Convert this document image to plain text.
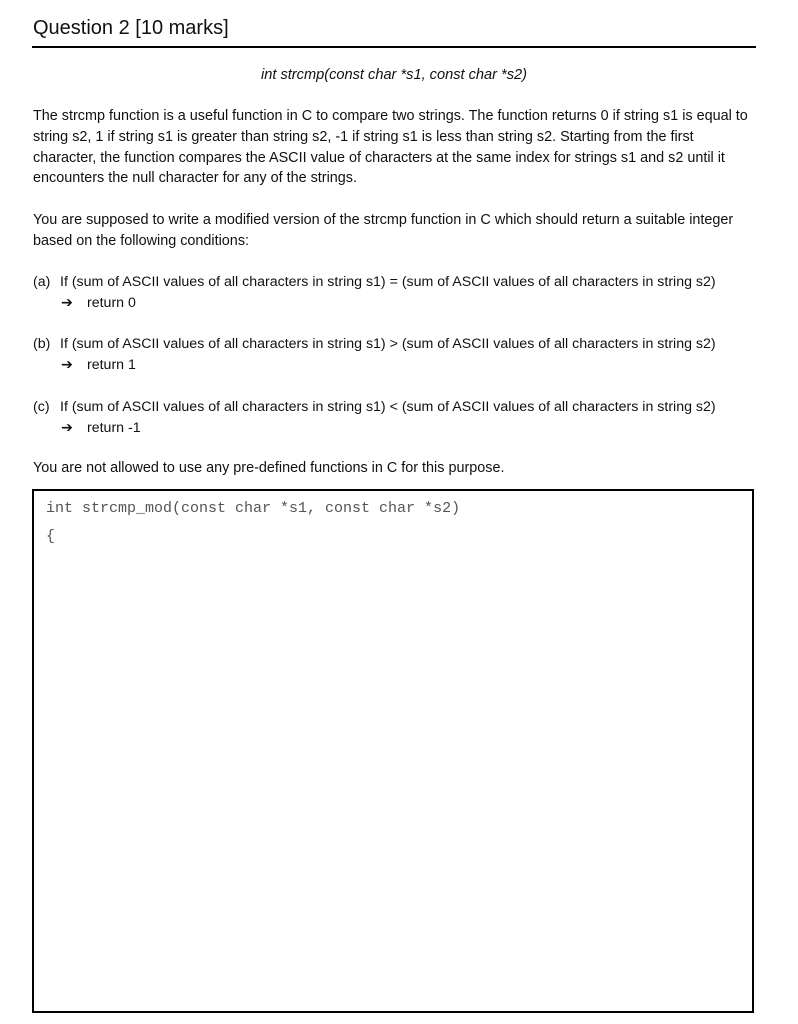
Question 2 [10 marks]
int strcmp(const char *s1, const char *s2)
The strcmp function is a useful function in C to compare two strings. The function returns 0 if string s1 is equal to string s2, 1 if string s1 is greater than string s2, -1 if string s1 is less than string s2. Starting from the first character, the function compares the ASCII value of characters at the same index for strings s1 and s2 until it encounters the null character for any of the strings.
You are supposed to write a modified version of the strcmp function in C which should return a suitable integer based on the following conditions:
(a) If (sum of ASCII values of all characters in string s1) = (sum of ASCII values of all characters in string s2)
➔ return 0
(b) If (sum of ASCII values of all characters in string s1) > (sum of ASCII values of all characters in string s2)
➔ return 1
(c) If (sum of ASCII values of all characters in string s1) < (sum of ASCII values of all characters in string s2)
➔ return -1
You are not allowed to use any pre-defined functions in C for this purpose.
int strcmp_mod(const char *s1, const char *s2)
{
